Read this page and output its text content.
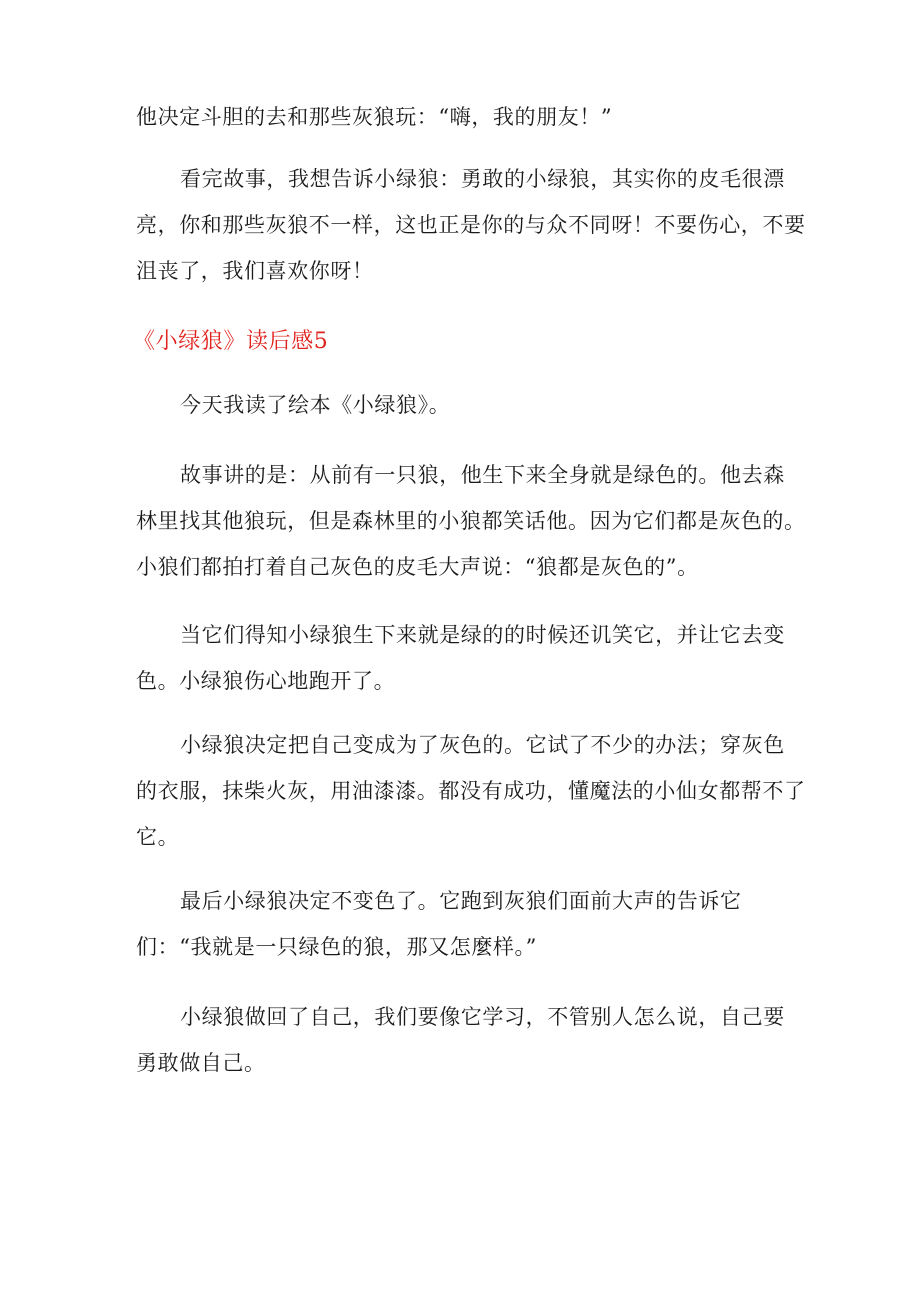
他决定斗胆的去和那些灰狼玩：“嗨，我的朋友！”

看完故事，我想告诉小绿狼：勇敢的小绿狼，其实你的皮毛很漂亮，你和那些灰狼不一样，这也正是你的与众不同呀！不要伤心，不要沮丧了，我们喜欢你呀！

《小绿狼》读后感5

今天我读了绘本《小绿狼》。

故事讲的是：从前有一只狼，他生下来全身就是绿色的。他去森林里找其他狼玩，但是森林里的小狼都笑话他。因为它们都是灰色的。小狼们都拍打着自己灰色的皮毛大声说：“狼都是灰色的”。

当它们得知小绿狼生下来就是绿的的时候还讥笑它，并让它去变色。小绿狼伤心地跑开了。

小绿狼决定把自己变成为了灰色的。它试了不少的办法；穿灰色的衣服，抹柴火灰，用油漆漆。都没有成功，懂魔法的小仙女都帮不了它。

最后小绿狼决定不变色了。它跑到灰狼们面前大声的告诉它们：“我就是一只绿色的狼，那又怎麼样。”

小绿狼做回了自己，我们要像它学习，不管别人怎么说，自己要勇敢做自己。
